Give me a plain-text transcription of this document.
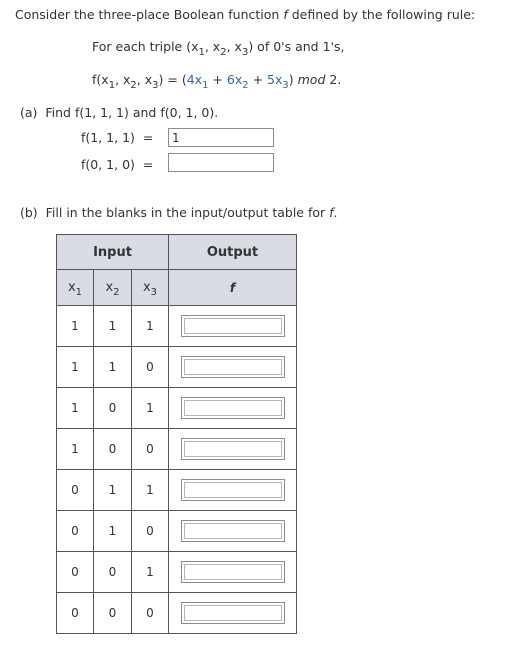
Consider the three-place Boolean function f defined by the following rule:
For each triple ($x_1$, $x_2$, $x_3$) of 0's and 1's,
$f(x_1$, $x_2$, $x_3) = (4x_1 + 6x_2 + 5x_3)$ mod 2.
(a) Find f(1, 1, 1) and f(0, 1, 0).
f(1, 1, 1)  =
1
f(0, 1, 0)  =
(b) Fill in the blanks in the input/output table for f.
Input			Output
$x_1$	$x_2$	$x_3$	f
1	1	1	

1	1	0	

1	0	1	

1	0	0	

0	1	1	

0	1	0	

0	0	1	

0	0	0	
